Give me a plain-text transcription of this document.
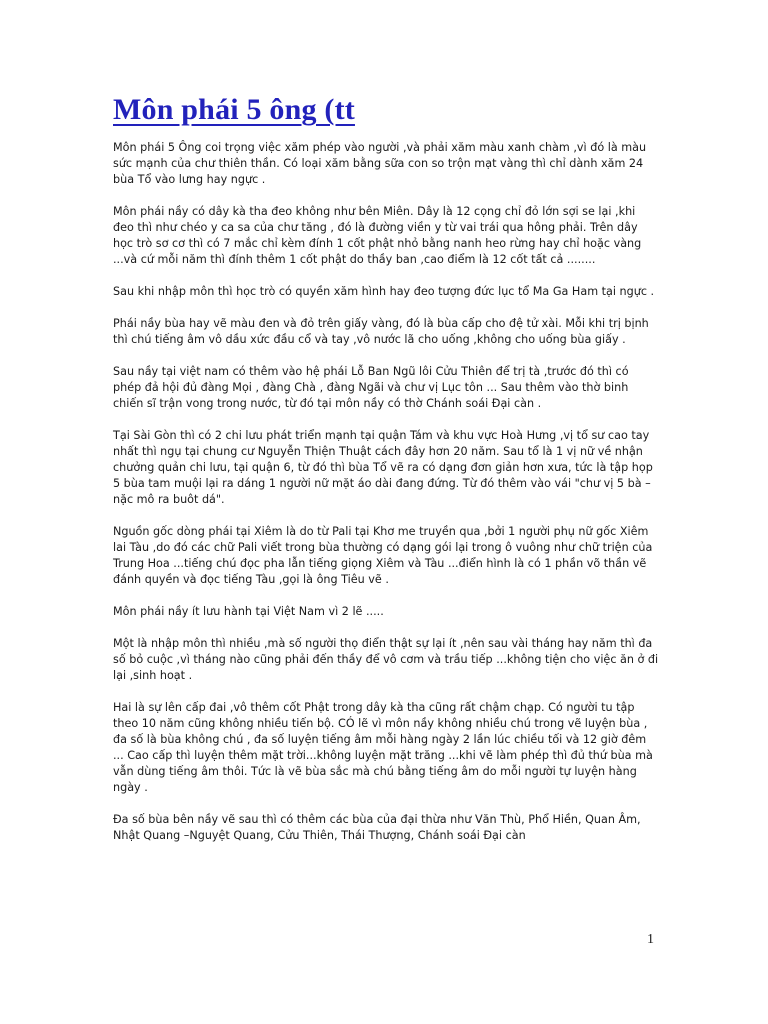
Môn phái 5 ông (tt

Môn phái 5 Ông coi trọng việc xăm phép vào người ,và phải xăm màu xanh chàm ,vì đó là màu sức mạnh của chư thiên thần. Có loại xăm bằng sữa con so trộn mạt vàng thì chỉ dành xăm 24 bùa Tổ vào lưng hay ngực .

Môn phái nầy có dây kà tha đeo không như bên Miên. Dây là 12 cọng chỉ đỏ lớn sợi se lại ,khi đeo thì như chéo y ca sa của chư tăng , đó là đường viền y từ vai trái qua hông phải. Trên dây học trò sơ cơ thì có 7 mắc chỉ kèm đính 1 cốt phật nhỏ bằng nanh heo rừng hay chỉ hoặc vàng ...và cứ mỗi năm thì đính thêm 1 cốt phật do thầy ban ,cao điểm là 12 cốt tất cả ........

Sau khi nhập môn thì học trò có quyền xăm hình hay đeo tượng đức lục tổ Ma Ga Ham tại ngực .

Phái nầy bùa hay vẽ màu đen và đỏ trên giấy vàng, đó là bùa cấp cho đệ tử xài. Mỗi khi trị bịnh thì chú tiếng âm vô dầu xức đầu cổ và tay ,vô nước lã cho uống ,không cho uống bùa giấy .

Sau nầy tại việt nam có thêm vào hệ phái Lỗ Ban Ngũ lôi Cửu Thiên để trị tà ,trước đó thì có phép đả hội đủ đàng Mọi , đàng Chà , đàng Ngãi và chư vị Lục tôn ... Sau thêm vào thờ binh chiến sĩ trận vong trong nước, từ đó tại môn nầy có thờ Chánh soái Đại càn .

Tại Sài Gòn thì có 2 chi lưu phát triển mạnh tại quận Tám và khu vực Hoà Hưng ,vị tổ sư cao tay nhất thì ngụ tại chung cư Nguyễn Thiện Thuật cách đây hơn 20 năm. Sau tổ là 1 vị nữ về nhận chưởng quản chi lưu, tại quận 6, từ đó thì bùa Tổ vẽ ra có dạng đơn giản hơn xưa, tức là tập họp 5 bùa tam muội lại ra dáng 1 người nữ mặt áo dài đang đứng. Từ đó thêm vào vái "chư vị 5 bà – nặc mô ra buôt dá".

Nguồn gốc dòng phái tại Xiêm là do từ Pali tại Khơ me truyền qua ,bởi 1 người phụ nữ gốc Xiêm lai Tàu ,do đó các chữ Pali viết trong bùa thường có dạng gói lại trong ô vuông như chữ triện của Trung Hoa ...tiếng chú đọc pha lẫn tiếng giọng Xiêm và Tàu ...điển hình là có 1 phần võ thần vẽ đánh quyền và đọc tiếng Tàu ,gọi là ông Tiêu vẽ .

Môn phái nầy ít lưu hành tại Việt Nam vì 2 lẽ .....

Một là nhập môn thì nhiều ,mà số người thọ điển thật sự lại ít ,nên sau vài tháng hay năm thì đa số bỏ cuộc ,vì tháng nào cũng phải đến thầy để vô cơm và trầu tiếp ...không tiện cho việc ăn ở đi lại ,sinh hoạt .

Hai là sự lên cấp đai ,vô thêm cốt Phật trong dây kà tha cũng rất chậm chạp. Có người tu tập theo 10 năm cũng không nhiều tiến bộ. CÓ lẽ vì môn nầy không nhiều chú trong vẽ luyện bùa , đa số là bùa không chú , đa số luyện tiếng âm mỗi hàng ngày 2 lần lúc chiều tối và 12 giờ đêm ... Cao cấp thì luyện thêm mặt trời...không luyện mặt trăng ...khi vẽ làm phép thì đủ thứ bùa mà vẫn dùng tiếng âm thôi. Tức là vẽ bùa sắc mà chú bằng tiếng âm do mỗi người tự luyện hàng ngày .

Đa số bùa bên nầy vẽ sau thì có thêm các bùa của đại thừa như Văn Thù, Phổ Hiền, Quan Âm, Nhật Quang –Nguyệt Quang, Cửu Thiên, Thái Thượng, Chánh soái Đại càn

1
